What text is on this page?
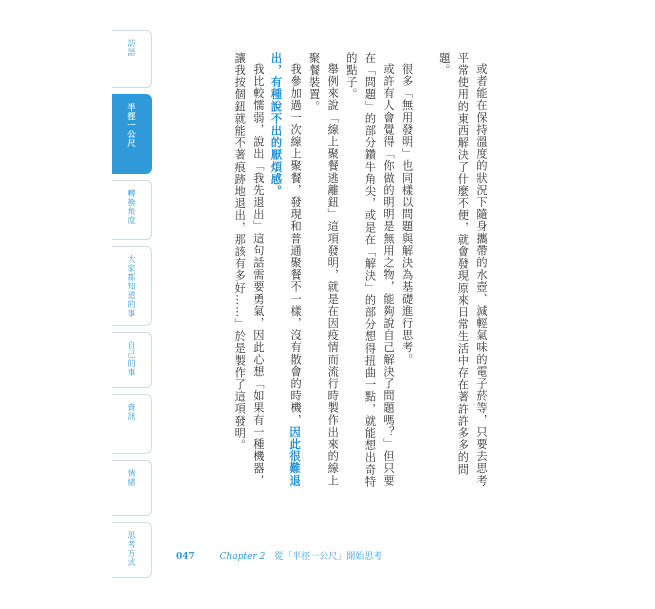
訪語
半徑一公尺
轉換角度
大家都知道的事
自己的事
資訊
情緒
思考方式

或者能在保持溫度的狀況下隨身攜帶的水壺、減輕氣味的電子菸等，只要去思考平常使用的東西解決了什麼不便，就會發現原來日常生活中存在著許許多多的問題。

很多「無用發明」也同樣以問題與解決為基礎進行思考。

或許有人會覺得「你做的明明是無用之物，能夠說自己解決了問題嗎？」但只要在「問題」的部分鑽牛角尖，或是在「解決」的部分想得扭曲一點，就能想出奇特的點子。

舉例來說「線上聚餐逃離鈕」這項發明，就是在因疫情而流行時製作出來的線上聚餐裝置。

我參加過一次線上聚餐，發現和普通聚餐不一樣，沒有散會的時機，因此很難退出，有種說不出的厭煩感。

我比較懦弱，說出「我先退出」這句話需要勇氣，因此心想「如果有一種機器，讓我按個鈕就能不著痕跡地退出，那該有多好……」於是製作了這項發明。

047	Chapter 2 從「半徑一公尺」開始思考
